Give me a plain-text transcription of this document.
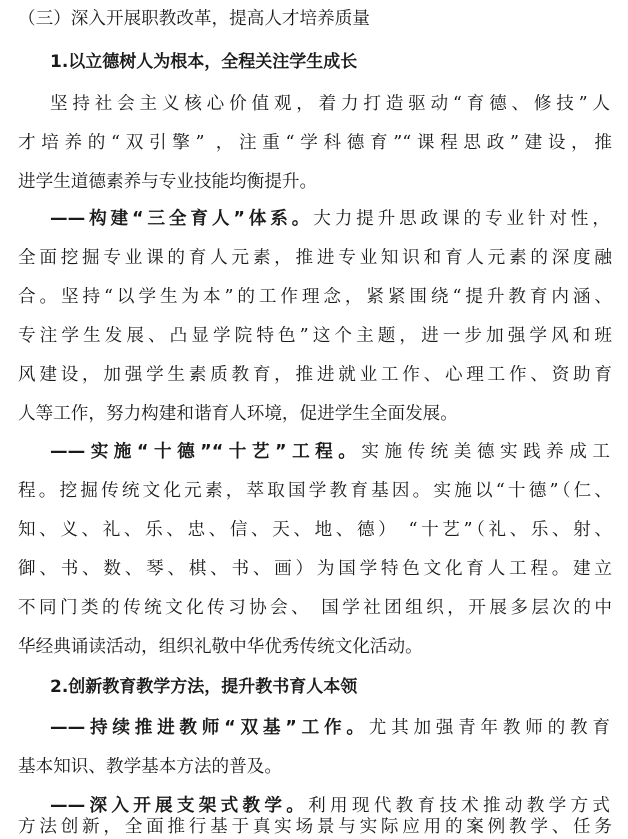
（三）深入开展职教改革，提高人才培养质量
1.以立德树人为根本，全程关注学生成长
坚持社会主义核心价值观，着力打造驱动“育德、修技”人
才培养的“双引擎” ，注重“学科德育”“课程思政”建设，推
进学生道德素养与专业技能均衡提升。
——构建“三全育人”体系。大力提升思政课的专业针对性，
全面挖掘专业课的育人元素，推进专业知识和育人元素的深度融
合。坚持“以学生为本”的工作理念，紧紧围绕“提升教育内涵、
专注学生发展、凸显学院特色”这个主题，进一步加强学风和班
风建设，加强学生素质教育，推进就业工作、心理工作、资助育
人等工作，努力构建和谐育人环境，促进学生全面发展。
——实施“十德”“十艺”工程。实施传统美德实践养成工
程。挖掘传统文化元素，萃取国学教育基因。实施以“十德”（仁、
知、义、礼、乐、忠、信、天、地、德） “十艺”（礼、乐、射、
御、书、数、琴、棋、书、画）为国学特色文化育人工程。建立
不同门类的传统文化传习协会、 国学社团组织，开展多层次的中
华经典诵读活动，组织礼敬中华优秀传统文化活动。
2.创新教育教学方法，提升教书育人本领
——持续推进教师“双基”工作。尤其加强青年教师的教育
基本知识、教学基本方法的普及。
——深入开展支架式教学。利用现代教育技术推动教学方式
方法创新，全面推行基于真实场景与实际应用的案例教学、任务
